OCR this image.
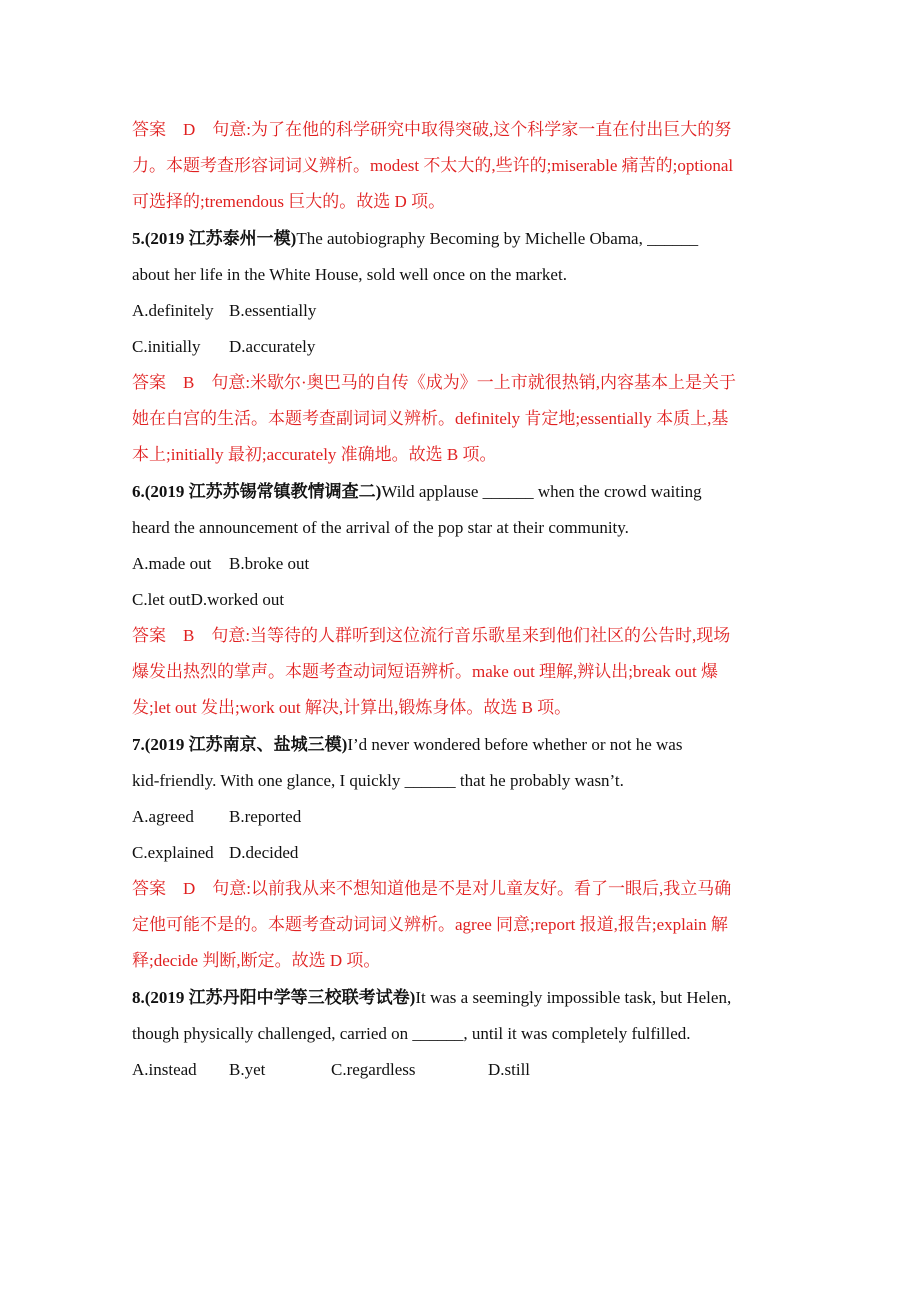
答案　D　句意:为了在他的科学研究中取得突破,这个科学家一直在付出巨大的努
力。本题考查形容词词义辨析。modest 不太大的,些许的;miserable 痛苦的;optional
可选择的;tremendous 巨大的。故选 D 项。
5.(2019 江苏泰州一模)The autobiography Becoming by Michelle Obama, ______
about her life in the White House, sold well once on the market.
A.definitely B.essentially
C.initially D.accurately
答案　B　句意:米歇尔·奥巴马的自传《成为》一上市就很热销,内容基本上是关于
她在白宫的生活。本题考查副词词义辨析。definitely 肯定地;essentially 本质上,基
本上;initially 最初;accurately 准确地。故选 B 项。
6.(2019 江苏苏锡常镇教情调查二)Wild applause ______ when the crowd waiting
heard the announcement of the arrival of the pop star at their community.
A.made out B.broke out
C.let outD.worked out
答案　B　句意:当等待的人群听到这位流行音乐歌星来到他们社区的公告时,现场
爆发出热烈的掌声。本题考查动词短语辨析。make out 理解,辨认出;break out 爆
发;let out 发出;work out 解决,计算出,锻炼身体。故选 B 项。
7.(2019 江苏南京、盐城三模)I’d never wondered before whether or not he was
kid-friendly. With one glance, I quickly ______ that he probably wasn’t.
A.agreed B.reported
C.explained D.decided
答案　D　句意:以前我从来不想知道他是不是对儿童友好。看了一眼后,我立马确
定他可能不是的。本题考查动词词义辨析。agree 同意;report 报道,报告;explain 解
释;decide 判断,断定。故选 D 项。
8.(2019 江苏丹阳中学等三校联考试卷)It was a seemingly impossible task, but Helen,
though physically challenged, carried on ______, until it was completely fulfilled.
A.instead B.yet	C.regardless	D.still
